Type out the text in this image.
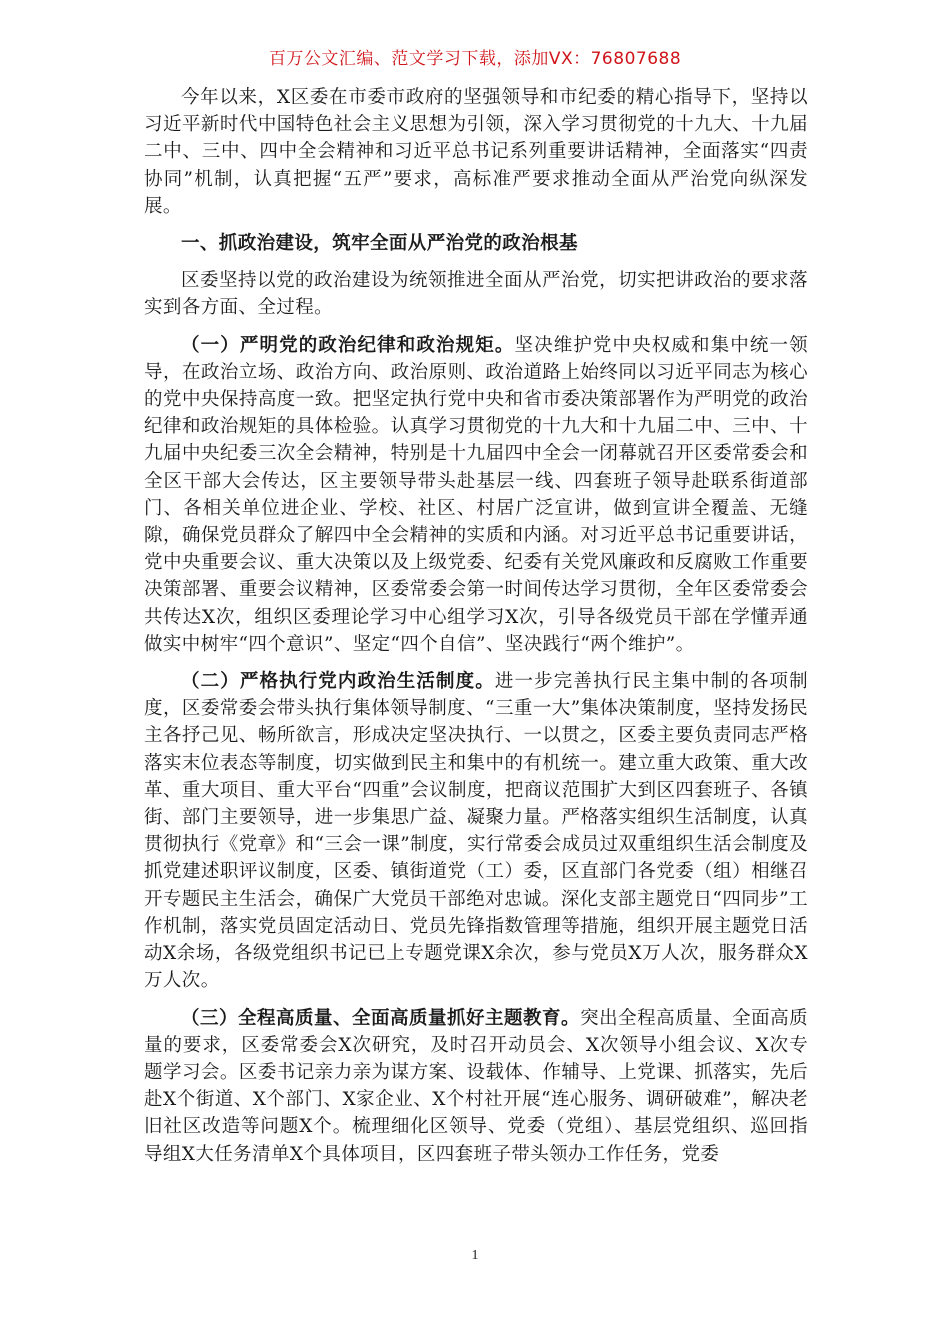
百万公文汇编、范文学习下载，添加VX：76807688

今年以来，X区委在市委市政府的坚强领导和市纪委的精心指导下，坚持以习近平新时代中国特色社会主义思想为引领，深入学习贯彻党的十九大、十九届二中、三中、四中全会精神和习近平总书记系列重要讲话精神，全面落实“四责协同”机制，认真把握“五严”要求，高标准严要求推动全面从严治党向纵深发展。

一、抓政治建设，筑牢全面从严治党的政治根基

区委坚持以党的政治建设为统领推进全面从严治党，切实把讲政治的要求落实到各方面、全过程。

（一）严明党的政治纪律和政治规矩。坚决维护党中央权威和集中统一领导，在政治立场、政治方向、政治原则、政治道路上始终同以习近平同志为核心的党中央保持高度一致。把坚定执行党中央和省市委决策部署作为严明党的政治纪律和政治规矩的具体检验。认真学习贯彻党的十九大和十九届二中、三中、十九届中央纪委三次全会精神，特别是十九届四中全会一闭幕就召开区委常委会和全区干部大会传达，区主要领导带头赴基层一线、四套班子领导赴联系街道部门、各相关单位进企业、学校、社区、村居广泛宣讲，做到宣讲全覆盖、无缝隙，确保党员群众了解四中全会精神的实质和内涵。对习近平总书记重要讲话，党中央重要会议、重大决策以及上级党委、纪委有关党风廉政和反腐败工作重要决策部署、重要会议精神，区委常委会第一时间传达学习贯彻，全年区委常委会共传达X次，组织区委理论学习中心组学习X次，引导各级党员干部在学懂弄通做实中树牢“四个意识”、坚定“四个自信”、坚决践行“两个维护”。

（二）严格执行党内政治生活制度。进一步完善执行民主集中制的各项制度，区委常委会带头执行集体领导制度、“三重一大”集体决策制度，坚持发扬民主各抒己见、畅所欲言，形成决定坚决执行、一以贯之，区委主要负责同志严格落实末位表态等制度，切实做到民主和集中的有机统一。建立重大政策、重大改革、重大项目、重大平台“四重”会议制度，把商议范围扩大到区四套班子、各镇街、部门主要领导，进一步集思广益、凝聚力量。严格落实组织生活制度，认真贯彻执行《党章》和“三会一课”制度，实行常委会成员过双重组织生活会制度及抓党建述职评议制度，区委、镇街道党（工）委，区直部门各党委（组）相继召开专题民主生活会，确保广大党员干部绝对忠诚。深化支部主题党日“四同步”工作机制，落实党员固定活动日、党员先锋指数管理等措施，组织开展主题党日活动X余场，各级党组织书记已上专题党课X余次，参与党员X万人次，服务群众X万人次。

（三）全程高质量、全面高质量抓好主题教育。突出全程高质量、全面高质量的要求，区委常委会X次研究，及时召开动员会、X次领导小组会议、X次专题学习会。区委书记亲力亲为谋方案、设载体、作辅导、上党课、抓落实，先后赴X个街道、X个部门、X家企业、X个村社开展“连心服务、调研破难”，解决老旧社区改造等问题X个。梳理细化区领导、党委（党组）、基层党组织、巡回指导组X大任务清单X个具体项目，区四套班子带头领办工作任务，党委

1
